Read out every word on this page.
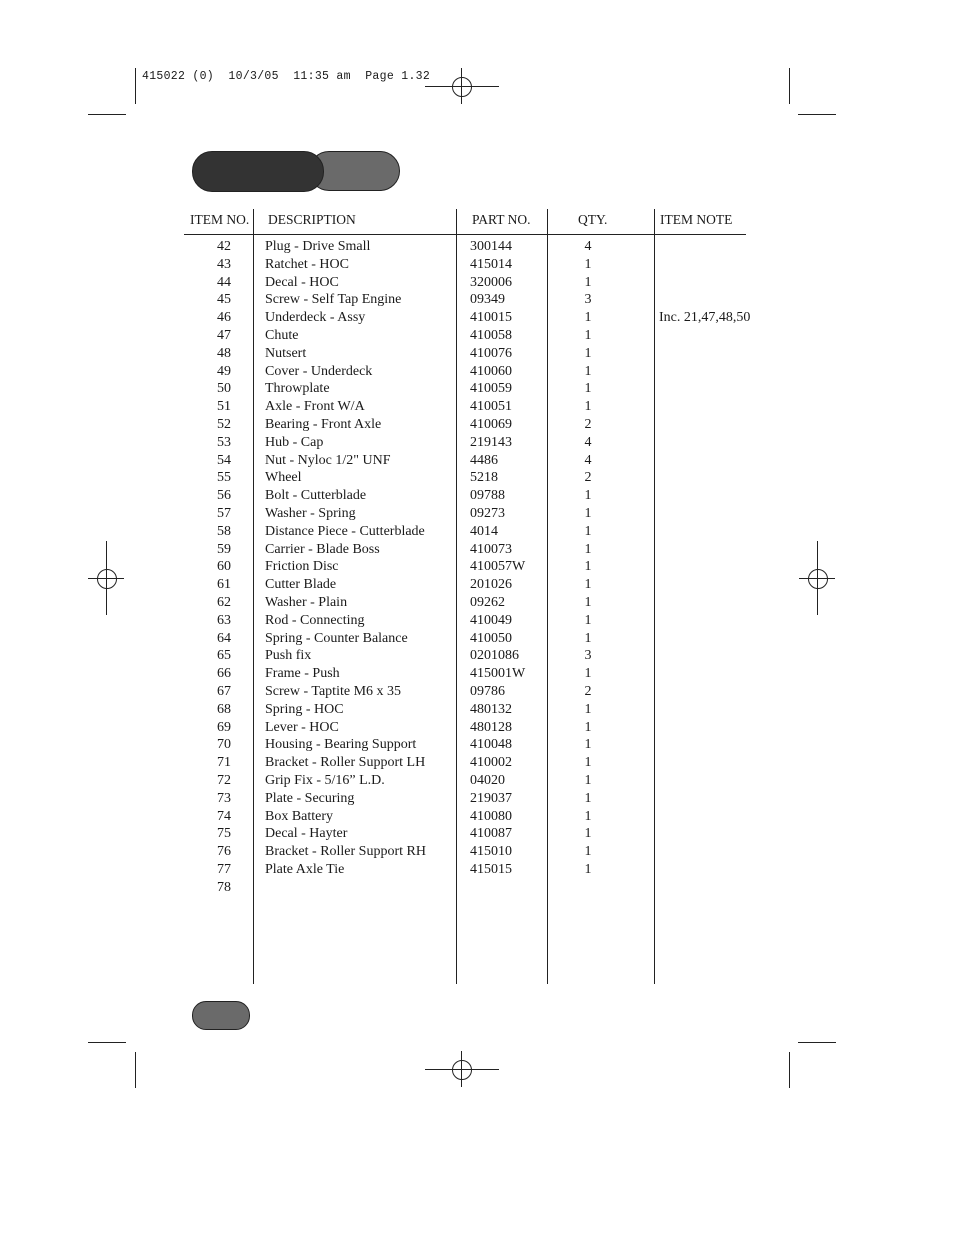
415022 (0)  10/3/05  11:35 am  Page 1.32
ITEM NO. DESCRIPTION	PART NO.	QTY.	ITEM NOTE
42 Plug - Drive Small	300144	4
43 Ratchet - HOC	415014	1
44 Decal - HOC	320006	1
45 Screw - Self Tap Engine	09349	3
46 Underdeck - Assy	410015	1	Inc. 21,47,48,50
47 Chute	410058	1
48 Nutsert	410076	1
49 Cover - Underdeck	410060	1
50 Throwplate	410059	1
51 Axle - Front W/A	410051	1
52 Bearing - Front Axle	410069	2
53 Hub - Cap	219143	4
54 Nut - Nyloc 1/2" UNF	4486	4
55 Wheel	5218	2
56 Bolt - Cutterblade	09788	1
57 Washer - Spring	09273	1
58 Distance Piece - Cutterblade	4014	1
59 Carrier - Blade Boss	410073	1
60 Friction Disc	410057W	1
61 Cutter Blade	201026	1
62 Washer - Plain	09262	1
63 Rod - Connecting	410049	1
64 Spring - Counter Balance	410050	1
65 Push fix	0201086	3
66 Frame - Push	415001W	1
67 Screw - Taptite M6 x 35	09786	2
68 Spring - HOC	480132	1
69 Lever - HOC	480128	1
70 Housing - Bearing Support	410048	1
71 Bracket - Roller Support LH	410002	1
72 Grip Fix - 5/16” L.D.	04020	1
73 Plate - Securing	219037	1
74 Box Battery	410080	1
75 Decal - Hayter	410087	1
76 Bracket - Roller Support RH	415010	1
77 Plate Axle Tie	415015	1
78
